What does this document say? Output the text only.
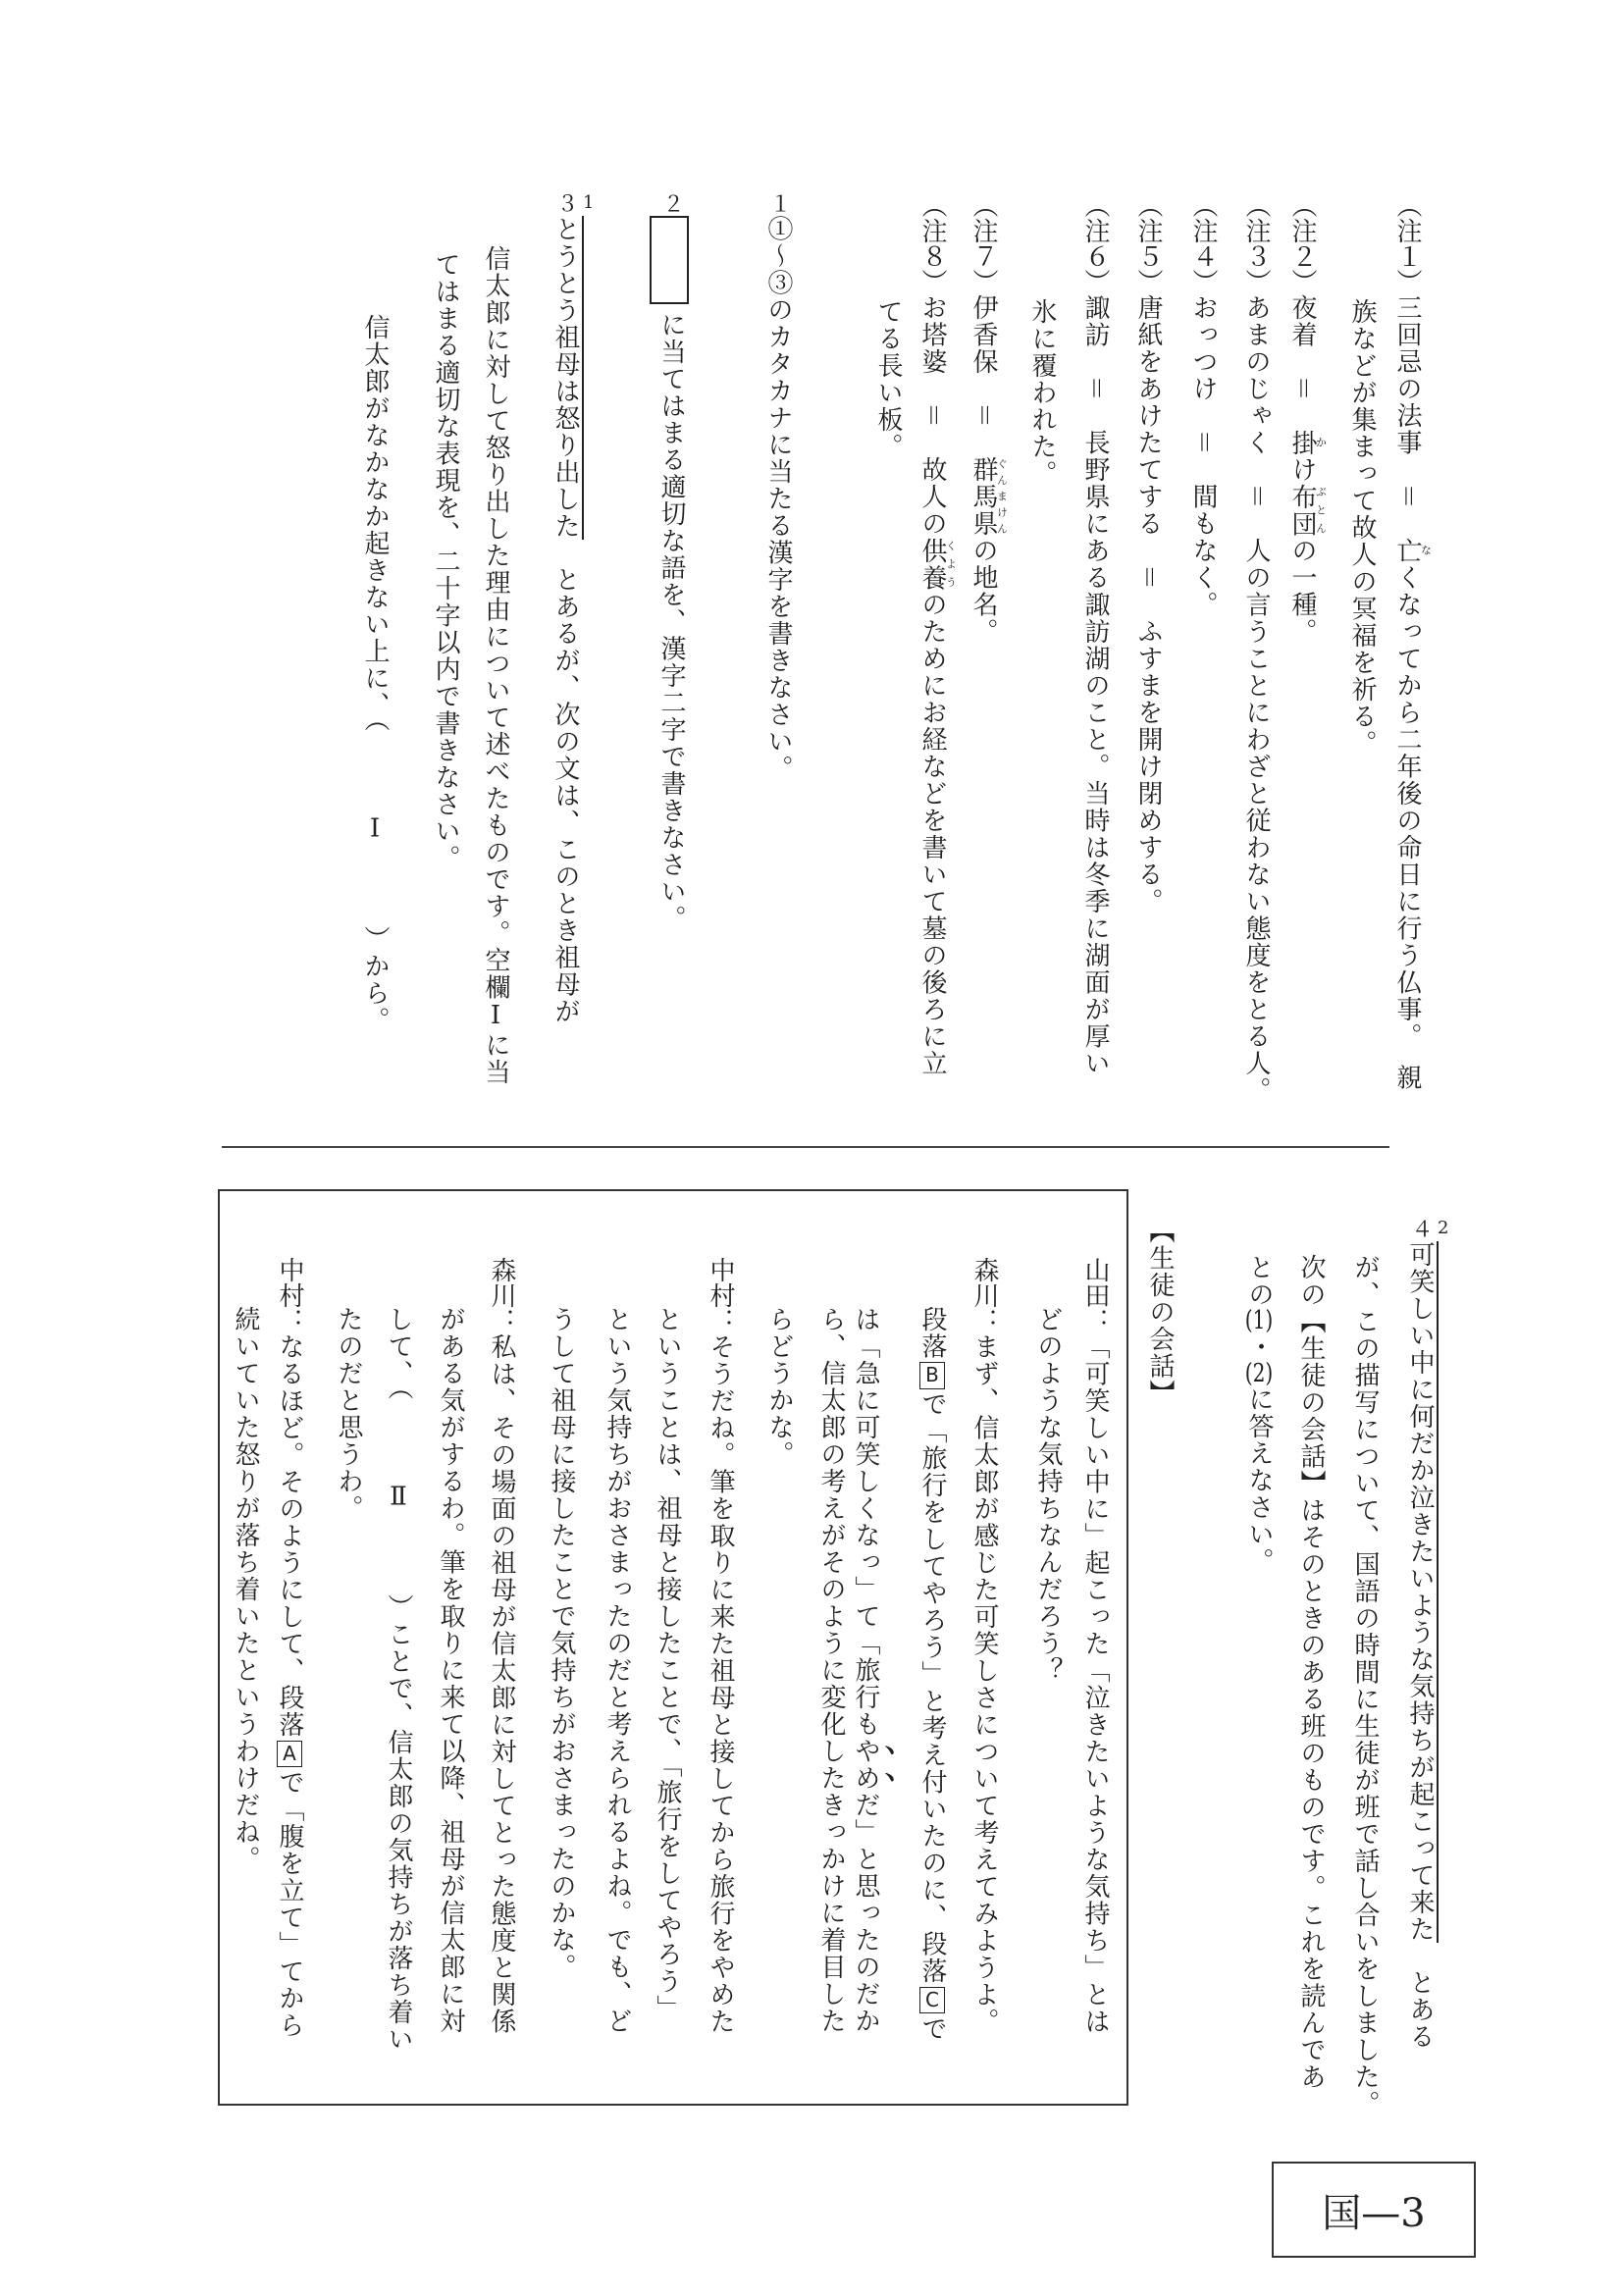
（注１）三回忌の法事　＝　亡なくなってから二年後の命日に行う仏事。　親
族などが集まって故人の冥福を祈る。
（注２）夜着　＝　掛かけ布団ぶとんの一種。
（注３）あまのじゃく　＝　人の言うことにわざと従わない態度をとる人。
（注４）おっつけ　＝　間もなく。
（注５）唐紙をあけたてする　＝　ふすまを開け閉めする。
（注６）諏訪　＝　長野県にある諏訪湖のこと。当時は冬季に湖面が厚い
氷に覆われた。
（注７）伊香保　＝　群馬県ぐんまけんの地名。
（注８）お塔婆　＝　故人の供養くようのためにお経などを書いて墓の後ろに立
てる長い板。
１①～③のカタカナに当たる漢字を書きなさい。
２に当てはまる適切な語を、漢字二字で書きなさい。
３とうとう祖母は怒り出した
1
　とあるが、次の文は、このとき祖母が
信太郎に対して怒り出した理由について述べたものです。空欄Ⅰに当
てはまる適切な表現を、二十字以内で書きなさい。
信太郎がなかなか起きない上に、（　　　Ⅰ　　　）から。
４可笑しい中に何だか泣きたいような気持ちが起こって来た
2
　とある
が、この描写について、国語の時間に生徒が班で話し合いをしました。
次の【生徒の会話】はそのときのある班のものです。これを読んであ
との(1)・(2)に答えなさい。
【生徒の会話】
山田：「可笑しい中に」起こった「泣きたいような気持ち」とは
どのような気持ちなんだろう？
森川：まず、信太郎が感じた可笑しさについて考えてみようよ。
段落Bで「旅行をしてやろう」と考え付いたのに、段落Cで
は「急に可笑しくなっ」て「旅行もやめだ」と思ったのだか
ら、信太郎の考えがそのように変化したきっかけに着目した
らどうかな。
中村：そうだね。筆を取りに来た祖母と接してから旅行をやめた
ということは、祖母と接したことで、「旅行をしてやろう」
という気持ちがおさまったのだと考えられるよね。でも、ど
うして祖母に接したことで気持ちがおさまったのかな。
森川：私は、その場面の祖母が信太郎に対してとった態度と関係
がある気がするわ。筆を取りに来て以降、祖母が信太郎に対
して、（　　　Ⅱ　　　）ことで、信太郎の気持ちが落ち着い
たのだと思うわ。
中村：なるほど。そのようにして、段落Aで「腹を立て」てから
続いていた怒りが落ち着いたというわけだね。
国—3
